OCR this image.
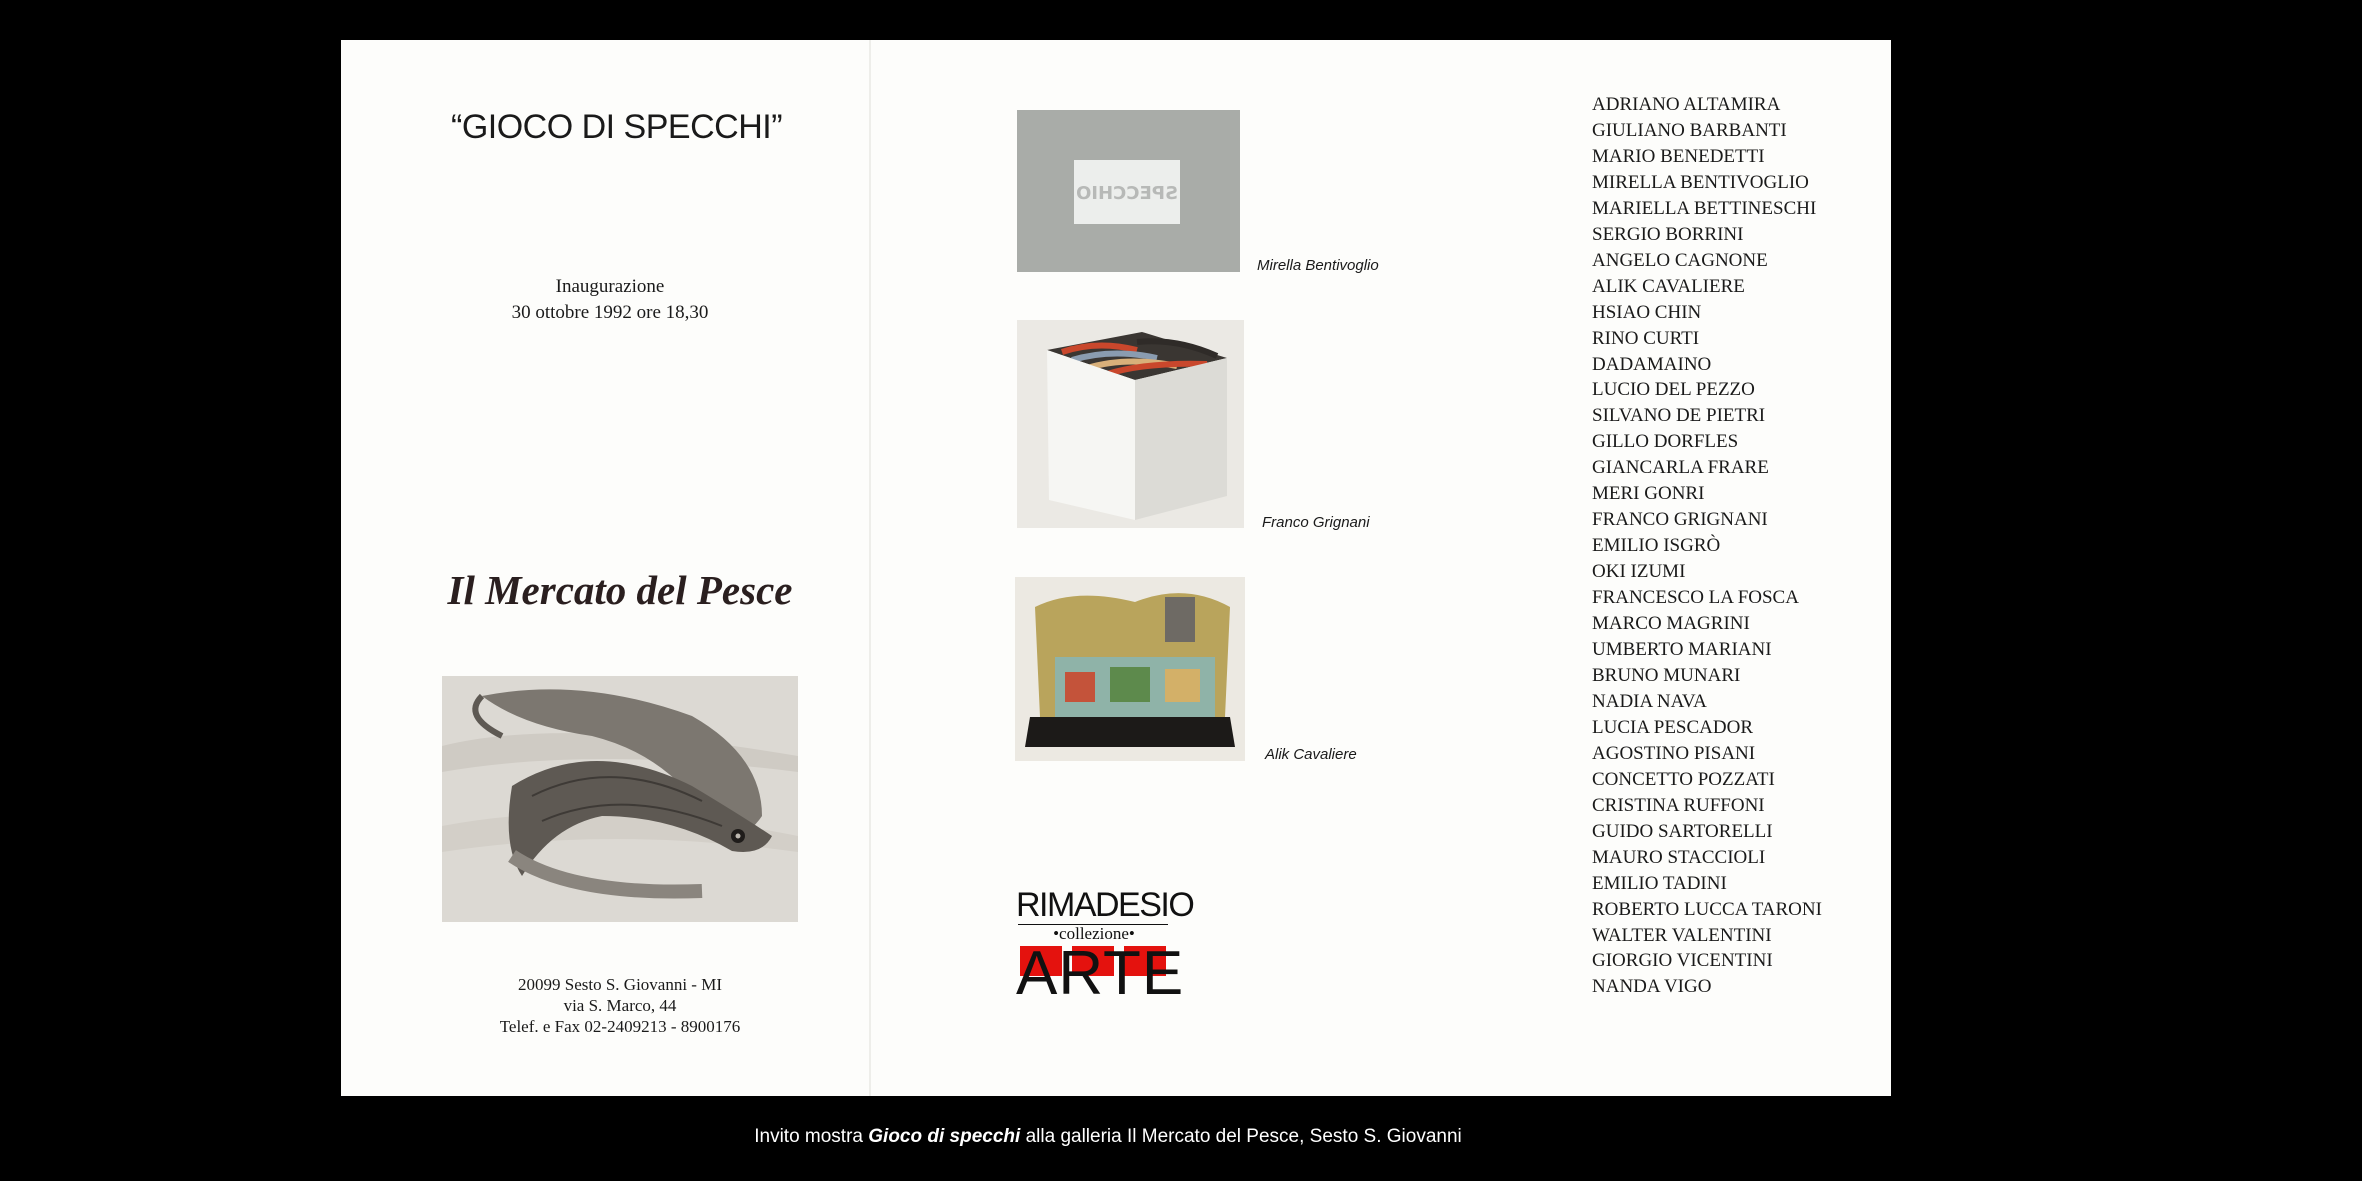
“GIOCO DI SPECCHI”
Inaugurazione
30 ottobre 1992 ore 18,30
Il Mercato del Pesce
20099 Sesto S. Giovanni - MI
via S. Marco, 44
Telef. e Fax 02-2409213 - 8900176
SPECCHIO
Mirella Bentivoglio
Franco Grignani
Alik Cavaliere
RIMADESIO
•collezione•
ARTE
ADRIANO ALTAMIRA
GIULIANO BARBANTI
MARIO BENEDETTI
MIRELLA BENTIVOGLIO
MARIELLA BETTINESCHI
SERGIO BORRINI
ANGELO CAGNONE
ALIK CAVALIERE
HSIAO CHIN
RINO CURTI
DADAMAINO
LUCIO DEL PEZZO
SILVANO DE PIETRI
GILLO DORFLES
GIANCARLA FRARE
MERI GONRI
FRANCO GRIGNANI
EMILIO ISGRÒ
OKI IZUMI
FRANCESCO LA FOSCA
MARCO MAGRINI
UMBERTO MARIANI
BRUNO MUNARI
NADIA NAVA
LUCIA PESCADOR
AGOSTINO PISANI
CONCETTO POZZATI
CRISTINA RUFFONI
GUIDO SARTORELLI
MAURO STACCIOLI
EMILIO TADINI
ROBERTO LUCCA TARONI
WALTER VALENTINI
GIORGIO VICENTINI
NANDA VIGO
Invito mostra Gioco di specchi alla galleria Il Mercato del Pesce, Sesto S. Giovanni
